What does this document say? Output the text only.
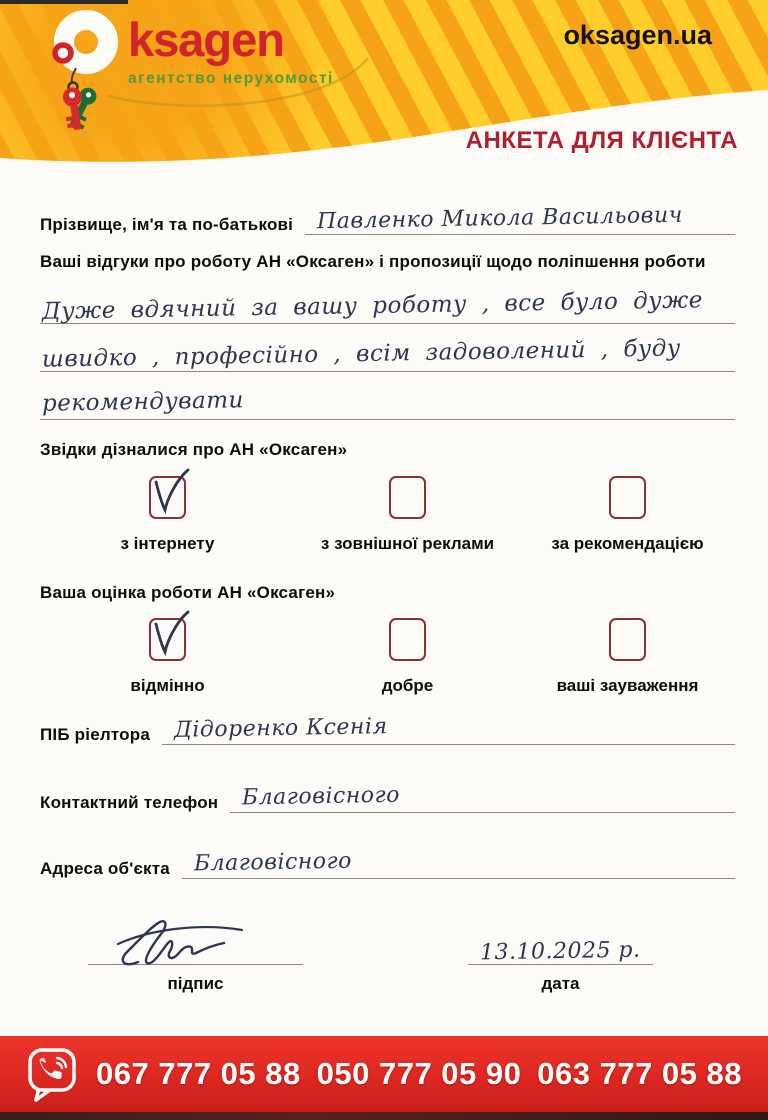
ksagen
агентство нерухомості
oksagen.ua
АНКЕТА ДЛЯ КЛІЄНТА
Прізвище, ім'я та по-батькові Павленко Микола Васильович
Ваші відгуки про роботу АН «Оксаген» і пропозиції щодо поліпшення роботи
Дуже вдячний за вашу роботу , все було дуже
швидко , професійно , всім задоволений , буду
рекомендувати
Звідки дізналися про АН «Оксаген»
з інтернету	з зовнішної реклами	за рекомендацією
Ваша оцінка роботи АН «Оксаген»
відмінно	добре	ваші зауваження
ПІБ ріелтора Дідоренко Ксенія
Контактний телефон Благовісного
Адреса об'єкта Благовісного
підпис
13.10.2025 р.
дата
067 777 05 88 050 777 05 90 063 777 05 88
